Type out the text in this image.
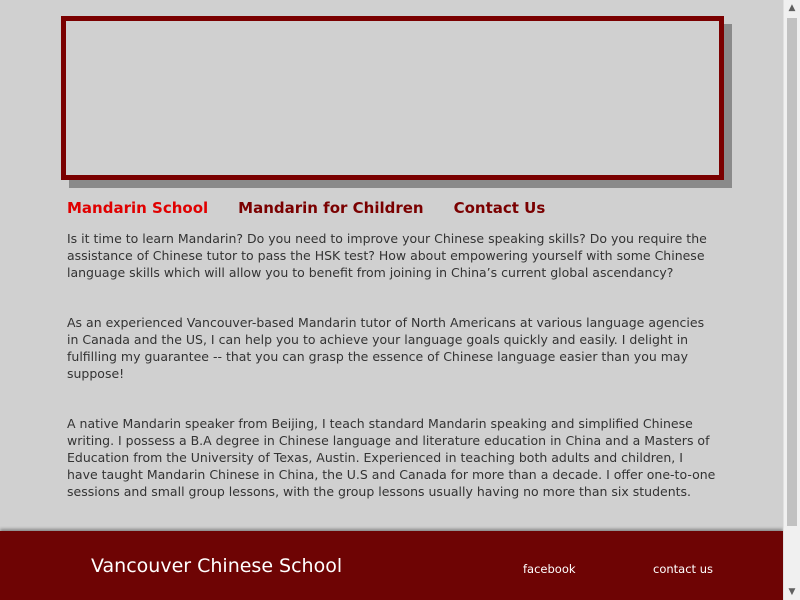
Mandarin School Mandarin for Children Contact Us

Is it time to learn Mandarin? Do you need to improve your Chinese speaking skills? Do you require the assistance of Chinese tutor to pass the HSK test? How about empowering yourself with some Chinese language skills which will allow you to benefit from joining in China’s current global ascendancy?

As an experienced Vancouver-based Mandarin tutor of North Americans at various language agencies in Canada and the US, I can help you to achieve your language goals quickly and easily. I delight in fulfilling my guarantee -- that you can grasp the essence of Chinese language easier than you may suppose!

A native Mandarin speaker from Beijing, I teach standard Mandarin speaking and simplified Chinese writing. I possess a B.A degree in Chinese language and literature education in China and a Masters of Education from the University of Texas, Austin. Experienced in teaching both adults and children, I have taught Mandarin Chinese in China, the U.S and Canada for more than a decade. I offer one-to-one sessions and small group lessons, with the group lessons usually having no more than six students.

Vancouver Chinese School	facebook	contact us
▲
▼
